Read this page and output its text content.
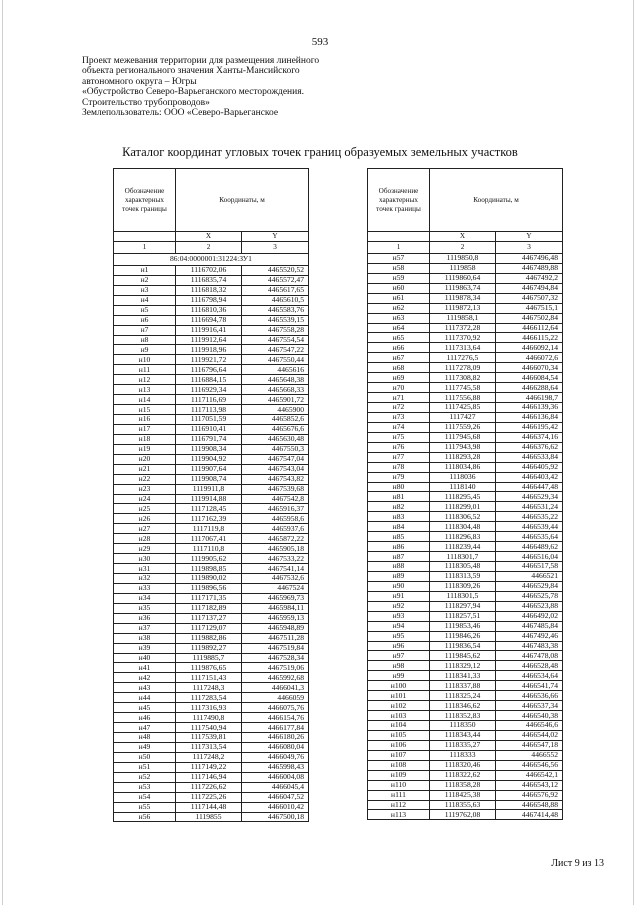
593
Проект межевания территории для размещения линейного
объекта регионального значения Ханты-Мансийского
автономного округа – Югры
«Обустройство Северо-Варьеганского месторождения.
Строительство трубопроводов»
Землепользователь: ООО «Северо-Варьеганское
Каталог координат угловых точек границ образуемых земельных участков
Обозначение характерных точек границы	Координаты, м	
	X	Y
1	2	3
86:04:0000001:31224:ЗУ1		
н1	1116702,06	4465520,52
н2	1116835,74	4465572,47
н3	1116818,32	4465617,65
н4	1116798,94	4465610,5
н5	1116810,36	4465583,76
н6	1116694,78	4465539,15
н7	1119916,41	4467558,28
н8	1119912,64	4467554,54
н9	1119918,96	4467547,22
н10	1119921,72	4467550,44
н11	1116796,64	4465616
н12	1116884,15	4465648,38
н13	1116929,34	4465668,33
н14	1117116,69	4465901,72
н15	1117113,98	4465900
н16	1117051,59	4465852,6
н17	1116910,41	4465676,6
н18	1116791,74	4465630,48
н19	1119908,34	4467550,3
н20	1119904,92	4467547,04
н21	1119907,64	4467543,04
н22	1119908,74	4467543,82
н23	1119911,8	4467539,68
н24	1119914,88	4467542,8
н25	1117128,45	4465916,37
н26	1117162,39	4465958,6
н27	1117119,8	4465937,6
н28	1117067,41	4465872,22
н29	1117110,8	4465905,18
н30	1119905,62	4467533,22
н31	1119898,85	4467541,14
н32	1119890,02	4467532,6
н33	1119896,56	4467524
н34	1117171,35	4465969,73
н35	1117182,89	4465984,11
н36	1117137,27	4465959,13
н37	1117129,07	4465948,89
н38	1119882,86	4467511,28
н39	1119892,27	4467519,84
н40	1119885,7	4467528,34
н41	1119876,65	4467519,06
н42	1117151,43	4465992,68
н43	1117248,3	4466041,3
н44	1117283,54	4466059
н45	1117316,93	4466075,76
н46	1117490,8	4466154,76
н47	1117540,94	4466177,84
н48	1117539,81	4466180,26
н49	1117313,54	4466080,04
н50	1117248,2	4466049,76
н51	1117149,22	4465998,43
н52	1117146,94	4466004,08
н53	1117226,62	4466045,4
н54	1117225,26	4466047,52
н55	1117144,48	4466010,42
н56	1119855	4467500,18
Обозначение характерных точек границы	Координаты, м	
	X	Y
1	2	3
н57	1119850,8	4467496,48
н58	1119858	4467489,88
н59	1119860,64	4467492,2
н60	1119863,74	4467494,84
н61	1119878,34	4467507,32
н62	1119872,13	4467515,1
н63	1119858,1	4467502,84
н64	1117372,28	4466112,64
н65	1117370,92	4466115,22
н66	1117313,64	4466092,14
н67	1117276,5	4466072,6
н68	1117278,09	4466070,34
н69	1117308,82	4466084,54
н70	1117745,58	4466288,64
н71	1117556,88	4466198,7
н72	1117425,85	4466139,36
н73	1117427	4466136,84
н74	1117559,26	4466195,42
н75	1117945,68	4466374,16
н76	1117943,98	4466376,62
н77	1118293,28	4466533,84
н78	1118034,86	4466405,92
н79	1118036	4466403,42
н80	1118140	4466447,48
н81	1118295,45	4466529,34
н82	1118299,01	4466531,24
н83	1118306,52	4466535,22
н84	1118304,48	4466539,44
н85	1118296,83	4466535,64
н86	1118239,44	4466489,62
н87	1118301,7	4466516,04
н88	1118305,48	4466517,58
н89	1118313,59	4466521
н90	1118309,26	4466529,84
н91	1118301,5	4466525,78
н92	1118297,94	4466523,88
н93	1118257,51	4466492,02
н94	1119853,46	4467485,84
н95	1119846,26	4467492,46
н96	1119836,54	4467483,38
н97	1119845,62	4467478,08
н98	1118329,12	4466528,48
н99	1118341,33	4466534,64
н100	1118337,88	4466541,74
н101	1118325,24	4466536,66
н102	1118346,62	4466537,34
н103	1118352,83	4466540,38
н104	1118350	4466546,6
н105	1118343,44	4466544,02
н106	1118335,27	4466547,18
н107	1118333	4466552
н108	1118320,46	4466546,56
н109	1118322,62	4466542,1
н110	1118358,28	4466543,12
н111	1118425,38	4466576,92
н112	1118355,63	4466548,88
н113	1119762,08	4467414,48
Лист 9 из 13
